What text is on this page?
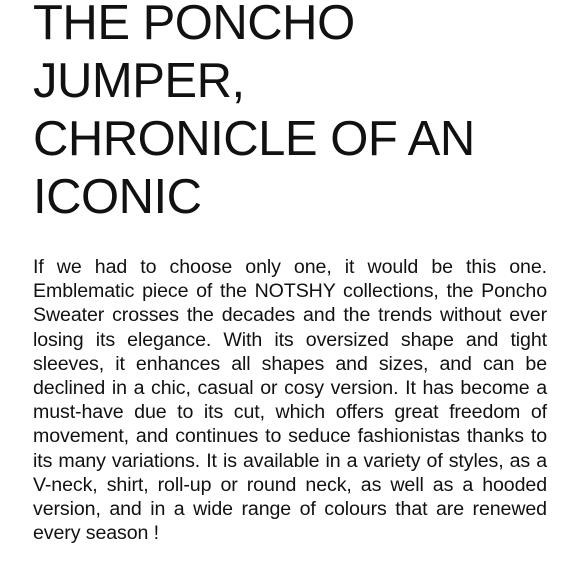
THE PONCHO
JUMPER,
CHRONICLE OF AN
ICONIC

If we had to choose only one, it would be this one. Emblematic piece of the NOTSHY collections, the Poncho Sweater crosses the decades and the trends without ever losing its elegance. With its oversized shape and tight sleeves, it enhances all shapes and sizes, and can be declined in a chic, casual or cosy version. It has become a must-have due to its cut, which offers great freedom of movement, and continues to seduce fashionistas thanks to its many variations. It is available in a variety of styles, as a V-neck, shirt, roll-up or round neck, as well as a hooded version, and in a wide range of colours that are renewed every season !
